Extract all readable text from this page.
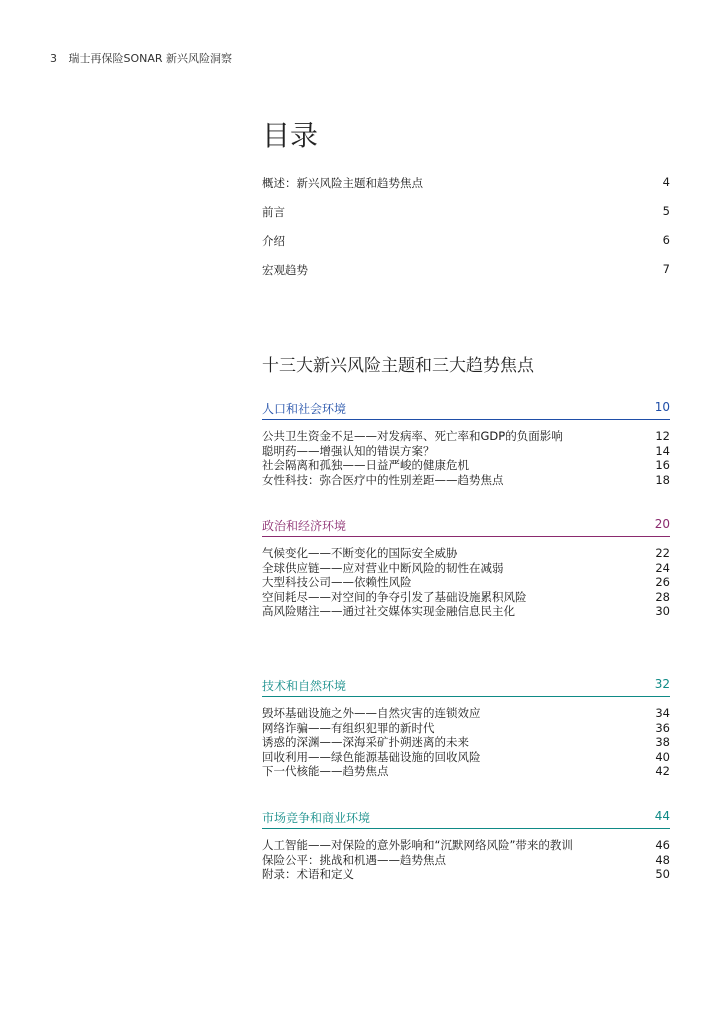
3 瑞士再保险SONAR 新兴风险洞察
目录
概述：新兴风险主题和趋势焦点	4
前言	5
介绍	6
宏观趋势	7
十三大新兴风险主题和三大趋势焦点
人口和社会环境	10
公共卫生资金不足——对发病率、死亡率和GDP的负面影响	12
聪明药——增强认知的错误方案？	14
社会隔离和孤独——日益严峻的健康危机	16
女性科技：弥合医疗中的性别差距——趋势焦点	18
政治和经济环境	20
气候变化——不断变化的国际安全威胁	22
全球供应链——应对营业中断风险的韧性在减弱	24
大型科技公司——依赖性风险	26
空间耗尽——对空间的争夺引发了基础设施累积风险	28
高风险赌注——通过社交媒体实现金融信息民主化	30
技术和自然环境	32
毁坏基础设施之外——自然灾害的连锁效应	34
网络诈骗——有组织犯罪的新时代	36
诱惑的深渊——深海采矿扑朔迷离的未来	38
回收利用——绿色能源基础设施的回收风险	40
下一代核能——趋势焦点	42
市场竞争和商业环境	44
人工智能——对保险的意外影响和“沉默网络风险”带来的教训	46
保险公平：挑战和机遇——趋势焦点	48
附录：术语和定义	50
